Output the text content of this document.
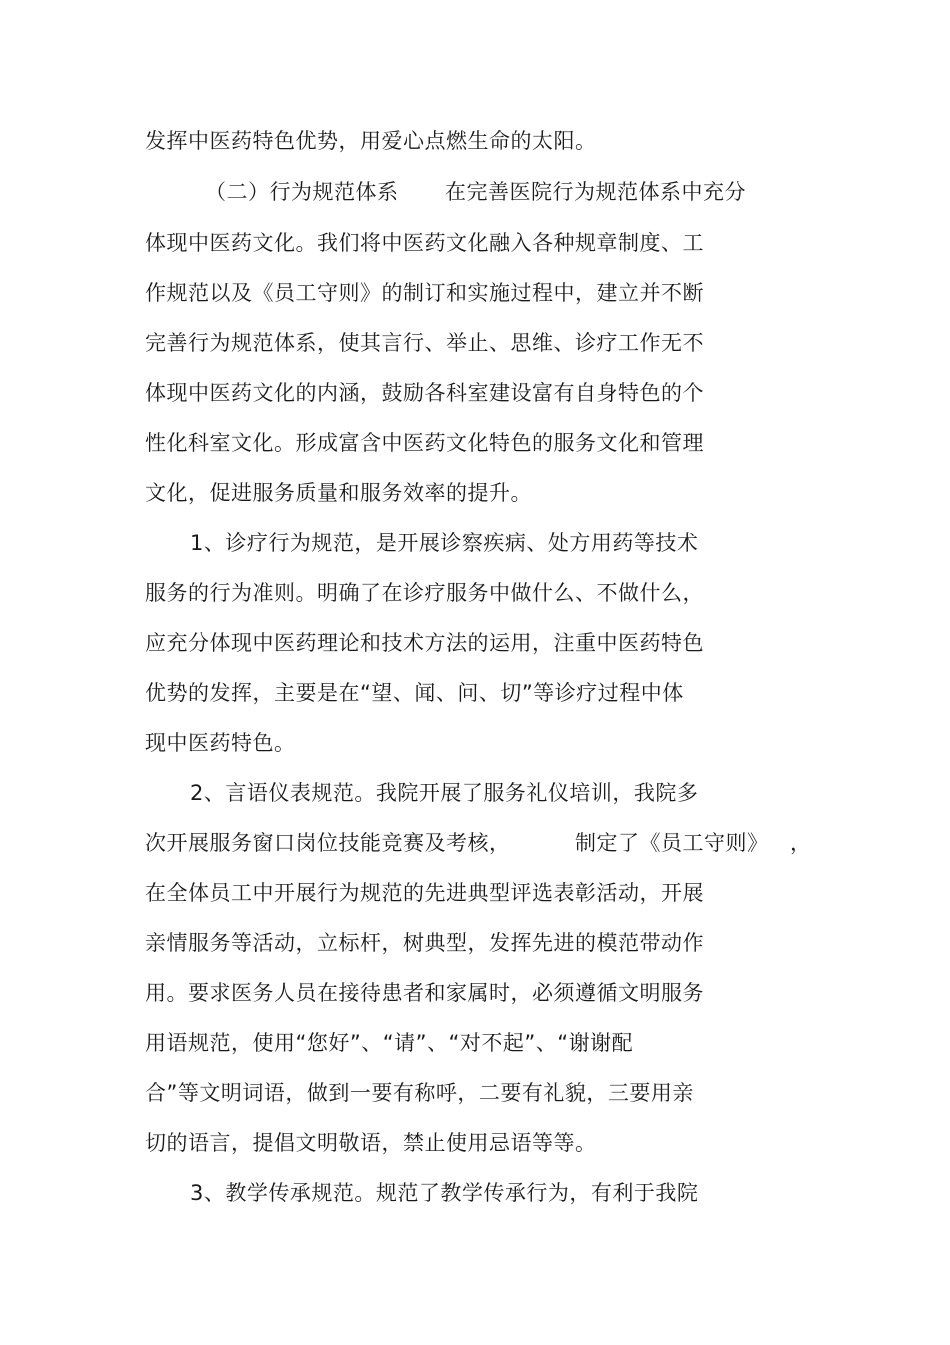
发挥中医药特色优势，用爱心点燃生命的太阳。
（二）行为规范体系 在完善医院行为规范体系中充分
体现中医药文化。我们将中医药文化融入各种规章制度、工
作规范以及《员工守则》的制订和实施过程中，建立并不断
完善行为规范体系，使其言行、举止、思维、诊疗工作无不
体现中医药文化的内涵，鼓励各科室建设富有自身特色的个
性化科室文化。形成富含中医药文化特色的服务文化和管理
文化，促进服务质量和服务效率的提升。
1、诊疗行为规范，是开展诊察疾病、处方用药等技术
服务的行为准则。明确了在诊疗服务中做什么、不做什么，
应充分体现中医药理论和技术方法的运用，注重中医药特色
优势的发挥，主要是在“望、闻、问、切”等诊疗过程中体
现中医药特色。
2、言语仪表规范。我院开展了服务礼仪培训，我院多
次开展服务窗口岗位技能竞赛及考核，	制定了《员工守则》 ，
在全体员工中开展行为规范的先进典型评选表彰活动，开展
亲情服务等活动，立标杆，树典型，发挥先进的模范带动作
用。要求医务人员在接待患者和家属时，必须遵循文明服务
用语规范，使用“您好”、“请”、“对不起”、“谢谢配
合”等文明词语，做到一要有称呼，二要有礼貌，三要用亲
切的语言，提倡文明敬语，禁止使用忌语等等。
3、教学传承规范。规范了教学传承行为，有利于我院
